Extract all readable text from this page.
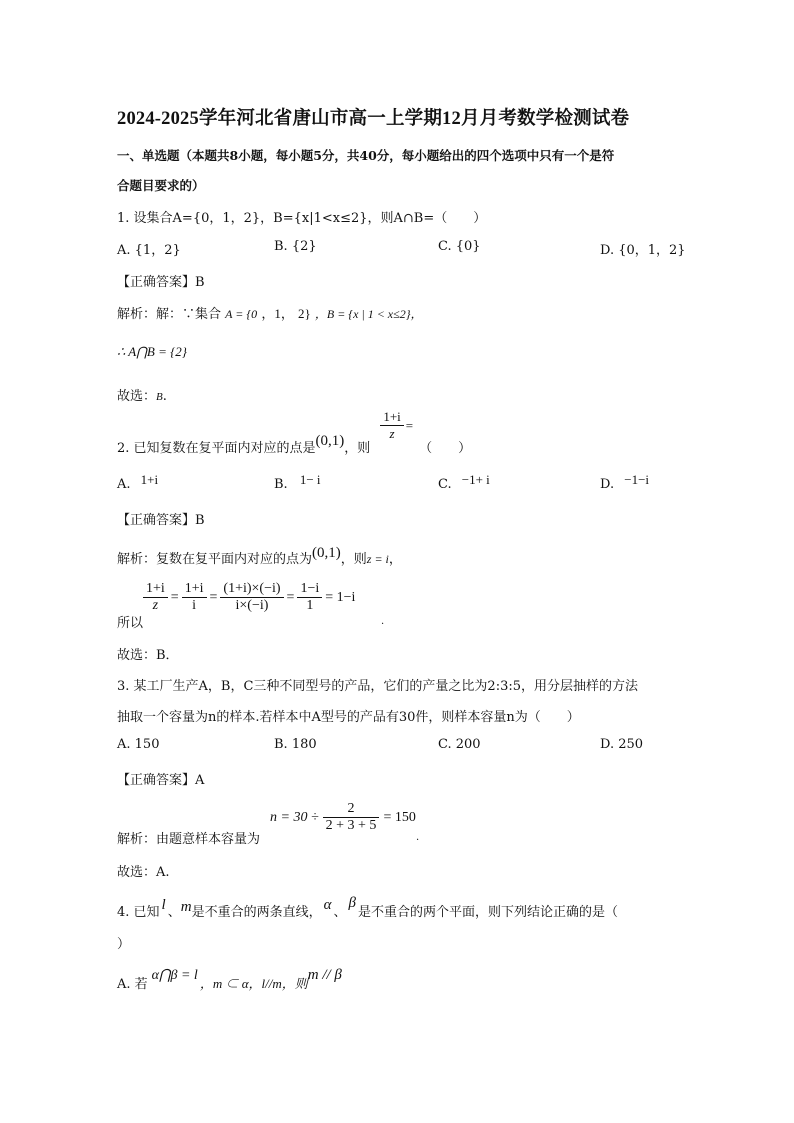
2024-2025学年河北省唐山市高一上学期12月月考数学检测试卷
一、单选题（本题共8小题，每小题5分，共40分，每小题给出的四个选项中只有一个是符
合题目要求的）
1. 设集合A={0，1，2}，B={x|1<x≤2}，则A∩B=（　　）
A. {1，2}	B. {2}	C. {0}	D. {0，1，2}
【正确答案】B
解析：解：∵集合 A = {0 ，1， 2} ，B = {x | 1 < x≤2}，
∴ A⋂B = {2}
故选：B.
2. 已知复数在复平面内对应的点是 (0,1) ，则
$\frac{1+i}{z}$ =
（　　）
A. 1+i	B. 1− i	C. −1+ i	D. −1−i
【正确答案】B
解析：复数在复平面内对应的点为 (0,1) ，则 z = i ，
所以
$\frac{1+i}{z} = \frac{1+i}{i} = \frac{(1+i)\times(-i)}{i\times(-i)} = \frac{1-i}{1} = 1-i$
.
故选：B．
3. 某工厂生产A，B，C三种不同型号的产品，它们的产量之比为2:3:5，用分层抽样的方法
抽取一个容量为n的样本.若样本中A型号的产品有30件，则样本容量n为（　　）
A. 150	B. 180	C. 200	D. 250
【正确答案】A
解析：由题意样本容量为
$n = 30 \div \frac{2}{2 + 3 + 5} = 150$
.
故选：A.
4. 已知 l 、 m 是不重合的两条直线， α 、
β
是不重合的两个平面，则下列结论正确的是（
）
A. 若
α⋂β = l
，m ⊂ α，l//m，则
m // β
